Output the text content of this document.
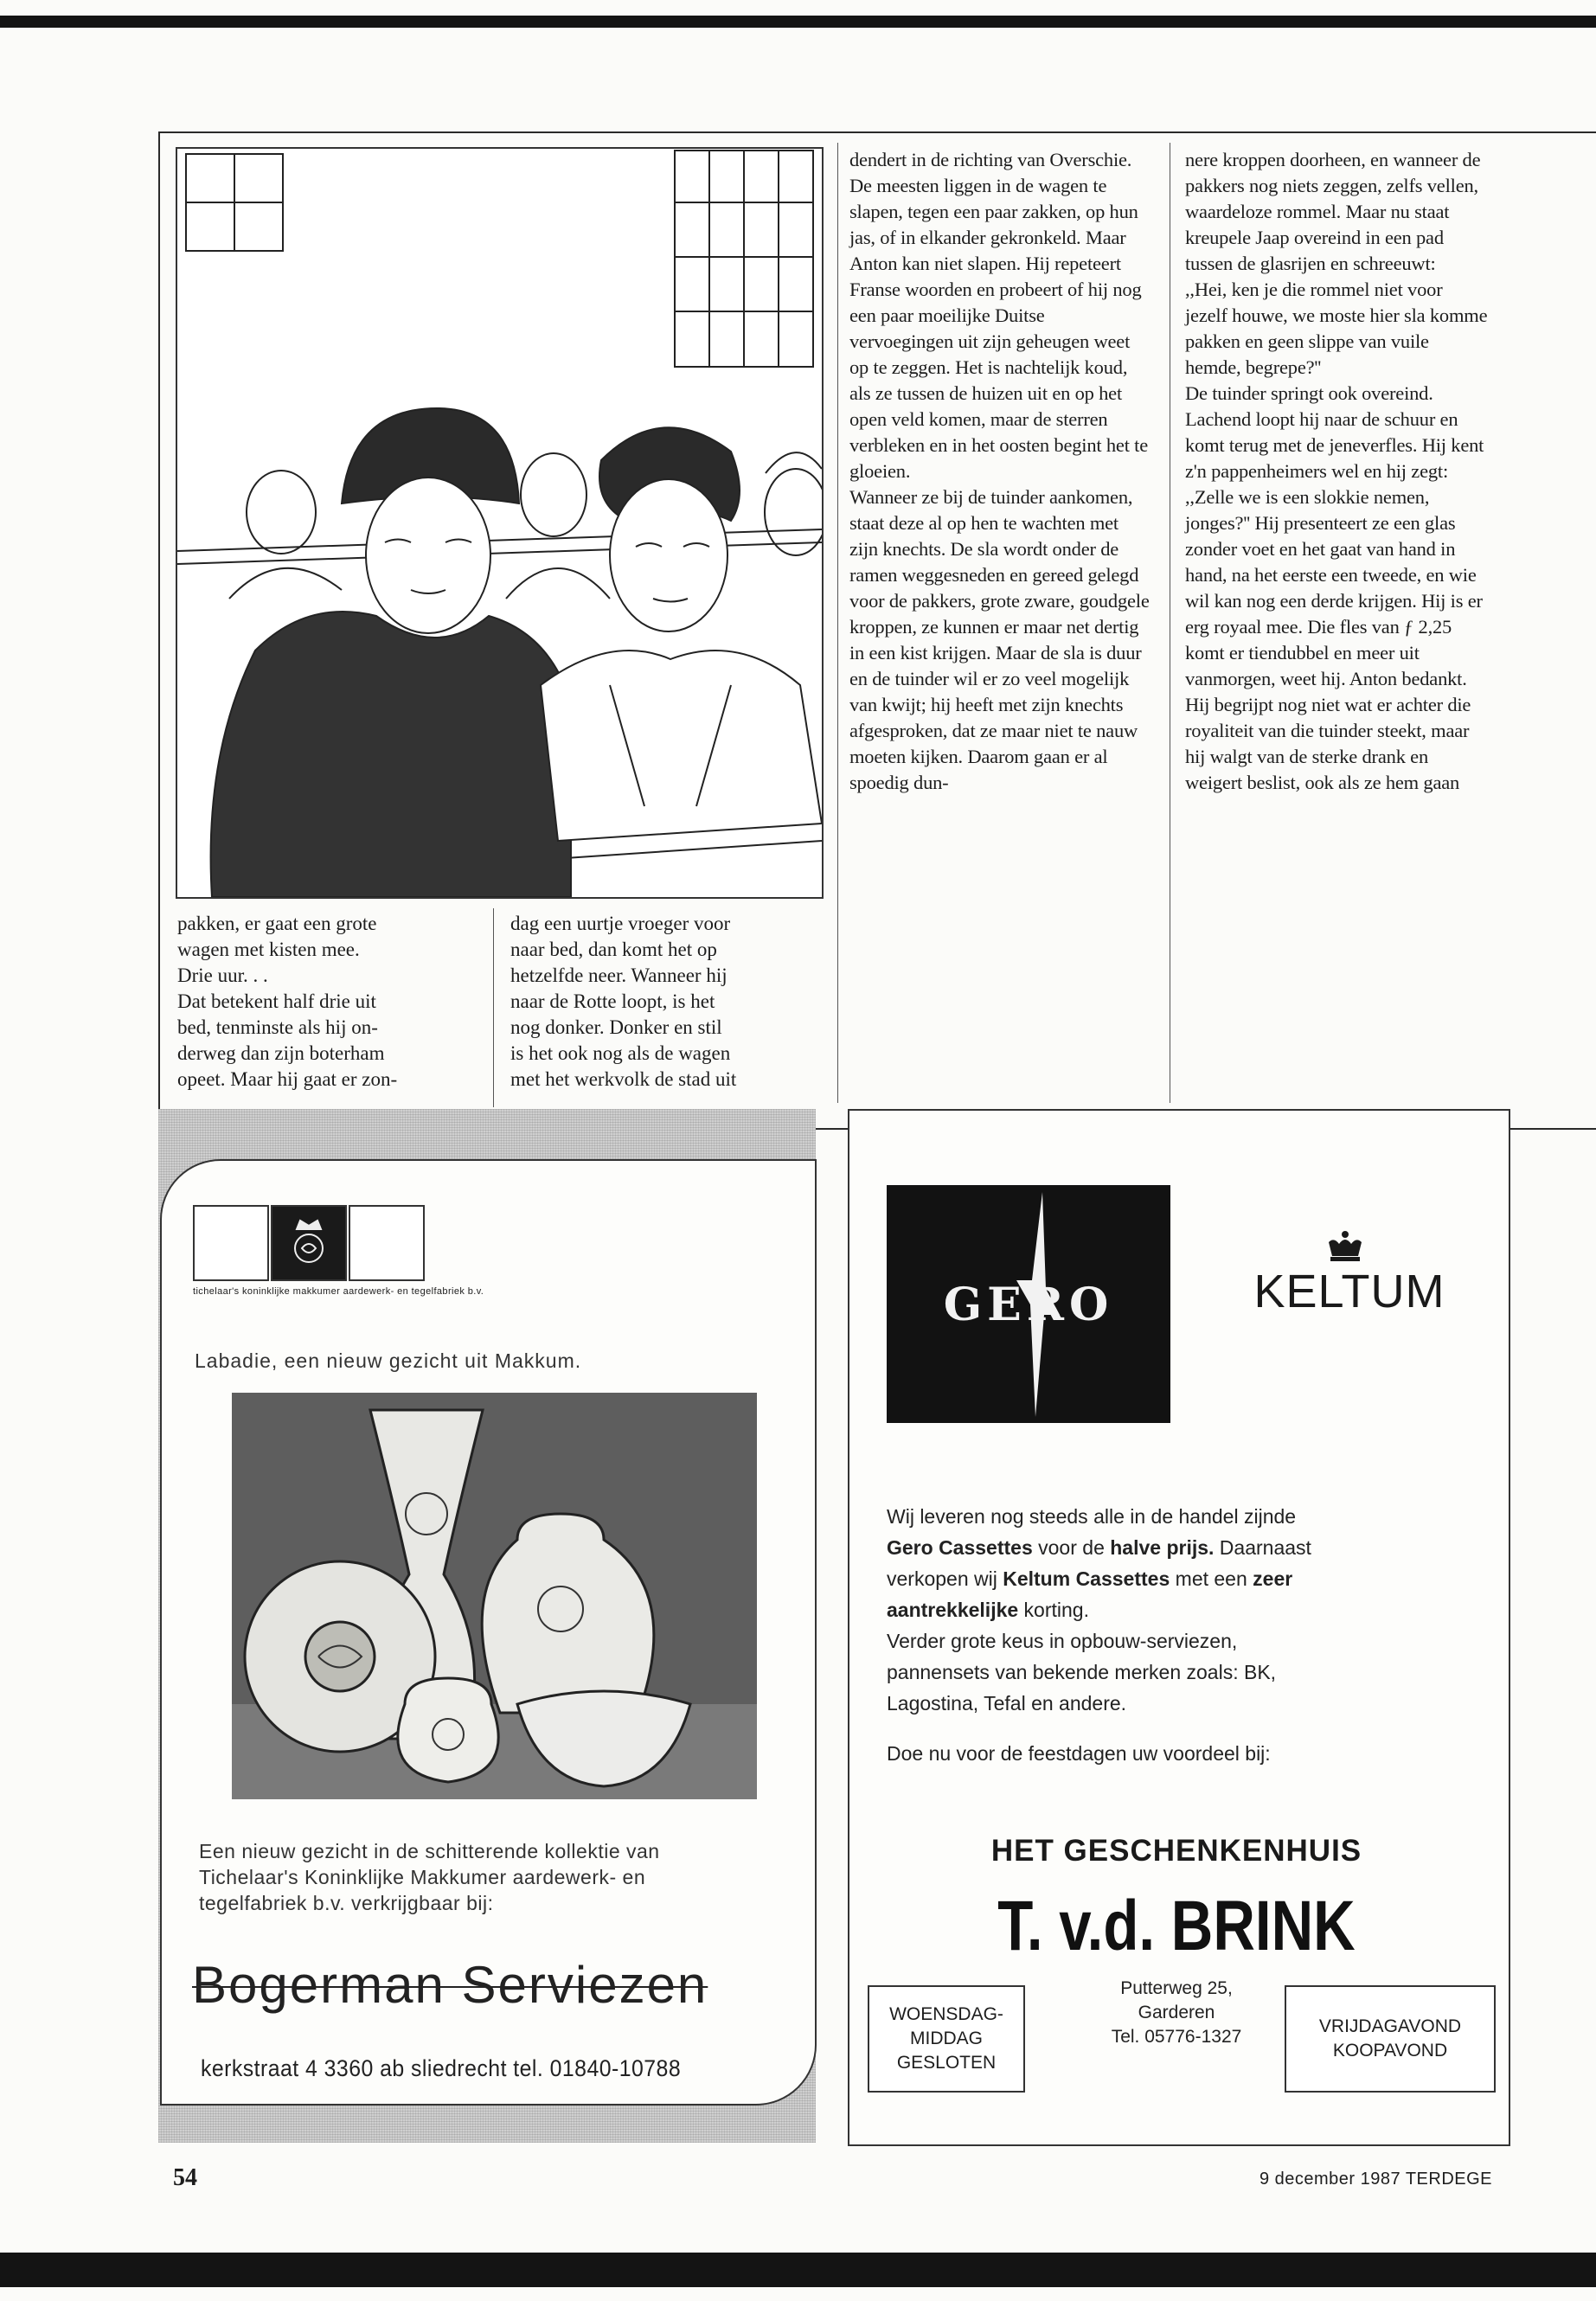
pakken, er gaat een grote
wagen met kisten mee.
Drie uur. . .
Dat betekent half drie uit
bed, tenminste als hij on-
derweg dan zijn boterham
opeet. Maar hij gaat er zon-

dag een uurtje vroeger voor
naar bed, dan komt het op
hetzelfde neer. Wanneer hij
naar de Rotte loopt, is het
nog donker. Donker en stil
is het ook nog als de wagen
met het werkvolk de stad uit

dendert in de richting van Overschie. De meesten liggen in de wagen te slapen, tegen een paar zakken, op hun jas, of in elkander gekronkeld. Maar Anton kan niet slapen. Hij repeteert Franse woorden en probeert of hij nog een paar moeilijke Duitse vervoegingen uit zijn geheugen weet op te zeggen. Het is nachtelijk koud, als ze tussen de huizen uit en op het open veld komen, maar de sterren verbleken en in het oosten begint het te gloeien.

Wanneer ze bij de tuinder aankomen, staat deze al op hen te wachten met zijn knechts. De sla wordt onder de ramen weggesneden en gereed gelegd voor de pakkers, grote zware, goudgele kroppen, ze kunnen er maar net dertig in een kist krijgen. Maar de sla is duur en de tuinder wil er zo veel mogelijk van kwijt; hij heeft met zijn knechts afgesproken, dat ze maar niet te nauw moeten kijken. Daarom gaan er al spoedig dun-

nere kroppen doorheen, en wanneer de pakkers nog niets zeggen, zelfs vellen, waardeloze rommel. Maar nu staat kreupele Jaap overeind in een pad tussen de glasrijen en schreeuwt:

,,Hei, ken je die rommel niet voor jezelf houwe, we moste hier sla komme pakken en geen slippe van vuile hemde, begrepe?''

De tuinder springt ook overeind. Lachend loopt hij naar de schuur en komt terug met de jeneverfles. Hij kent z'n pappenheimers wel en hij zegt: ,,Zelle we is een slokkie nemen, jonges?'' Hij presenteert ze een glas zonder voet en het gaat van hand in hand, na het eerste een tweede, en wie wil kan nog een derde krijgen. Hij is er erg royaal mee. Die fles van ƒ 2,25 komt er tiendubbel en meer uit vanmorgen, weet hij. Anton bedankt. Hij begrijpt nog niet wat er achter die royaliteit van die tuinder steekt, maar hij walgt van de sterke drank en weigert beslist, ook als ze hem gaan

tichelaar's koninklijke makkumer aardewerk- en tegelfabriek b.v.
Labadie, een nieuw gezicht uit Makkum.
Een nieuw gezicht in de schitterende kollektie van
Tichelaar's Koninklijke Makkumer aardewerk- en
tegelfabriek b.v. verkrijgbaar bij:
Bogerman Serviezen
kerkstraat 4 3360 ab sliedrecht tel. 01840-10788
GERO	KELTUM
Wij leveren nog steeds alle in de handel zijnde
Gero Cassettes voor de halve prijs. Daarnaast
verkopen wij Keltum Cassettes met een zeer
aantrekkelijke korting.
Verder grote keus in opbouw-serviezen,
pannensets van bekende merken zoals: BK,
Lagostina, Tefal en andere.
Doe nu voor de feestdagen uw voordeel bij:
HET GESCHENKENHUIS
T. v.d. BRINK
WOENSDAG-
MIDDAG
GESLOTEN
Putterweg 25,
Garderen
Tel. 05776-1327
VRIJDAGAVOND
KOOPAVOND
54	9 december 1987 TERDEGE
